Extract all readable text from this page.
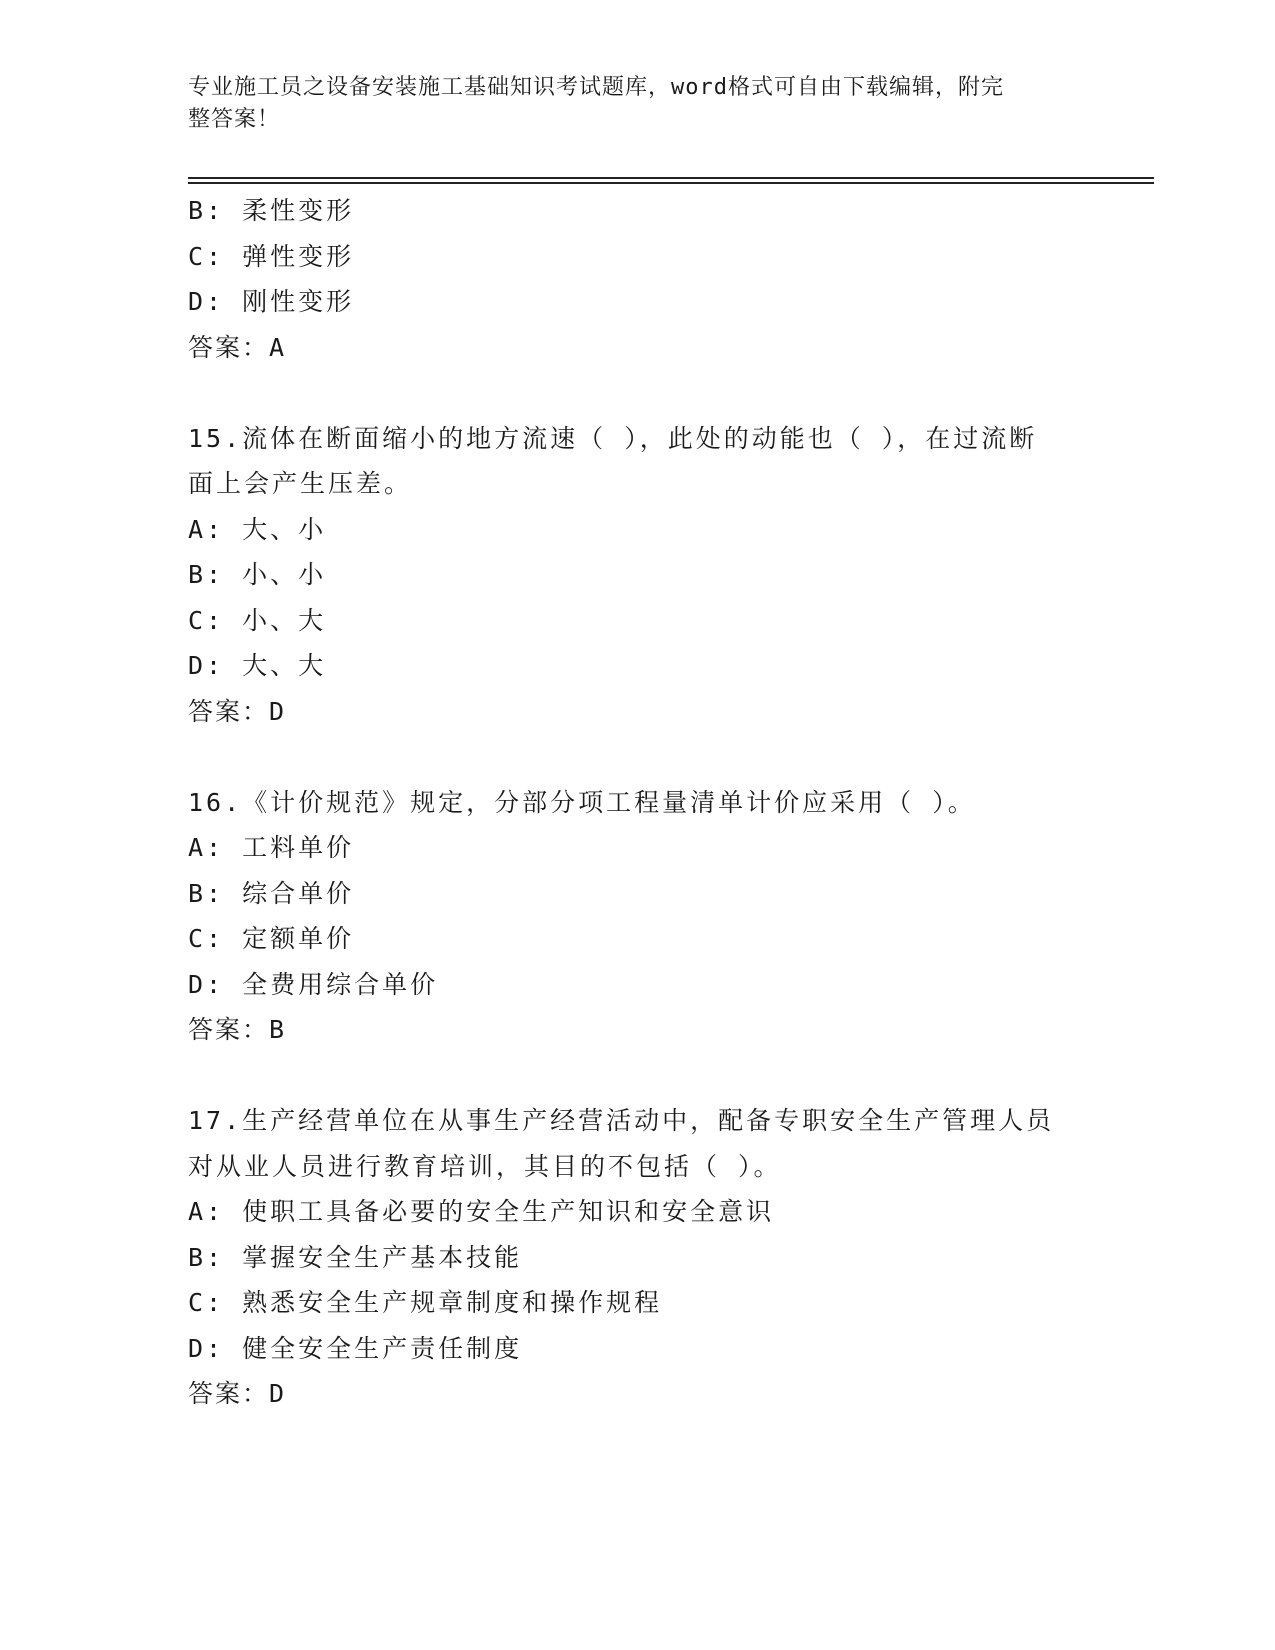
专业施工员之设备安装施工基础知识考试题库，word格式可自由下载编辑，附完
整答案！
B: 柔性变形
C: 弹性变形
D: 刚性变形
答案：A
15.流体在断面缩小的地方流速（ ），此处的动能也（ ），在过流断
面上会产生压差。
A: 大、小
B: 小、小
C: 小、大
D: 大、大
答案：D
16.《计价规范》规定，分部分项工程量清单计价应采用（ ）。
A: 工料单价
B: 综合单价
C: 定额单价
D: 全费用综合单价
答案：B
17.生产经营单位在从事生产经营活动中，配备专职安全生产管理人员
对从业人员进行教育培训，其目的不包括（ ）。
A: 使职工具备必要的安全生产知识和安全意识
B: 掌握安全生产基本技能
C: 熟悉安全生产规章制度和操作规程
D: 健全安全生产责任制度
答案：D
